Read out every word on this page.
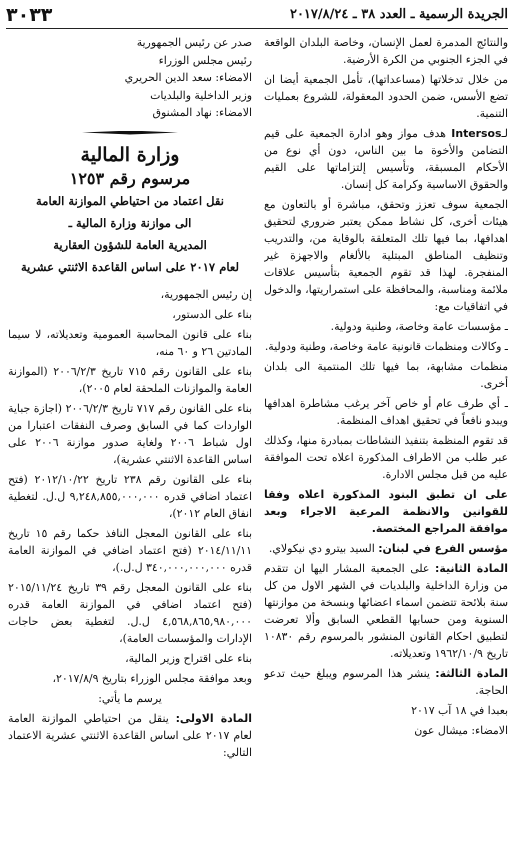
الجريدة الرسمية ـ العدد ٣٨ ـ ٢٠١٧/٨/٢٤
٣٠٣٣

والنتائج المدمرة لعمل الإنسان، وخاصة البلدان الواقعة في الجزء الجنوبي من الكرة الأرضية.

من خلال تدخلاتها (مساعداتها)، تأمل الجمعية أيضا ان تضع الأسس، ضمن الحدود المعقولة، للشروع بعمليات التنمية.

لـIntersos هدف مواز وهو ادارة الجمعية على قيم التضامن والأخوة ما بين الناس، دون أي نوع من الأحكام المسبقة، وتأسيس إلتزاماتها على القيم والحقوق الاساسية وكرامة كل إنسان.

الجمعية سوف تعزز وتحقق، مباشرة أو بالتعاون مع هيئات أخرى، كل نشاط ممكن يعتبر ضروري لتحقيق اهدافها، بما فيها تلك المتعلقة بالوقاية من، والتدريب وتنظيف المناطق المبتلية بالألغام والاجهزة غير المنفجرة. لهذا قد تقوم الجمعية بتأسيس علاقات ملائمة ومناسبة، والمحافظة على استمراريتها، والدخول في اتفاقيات مع:

ـ مؤسسات عامة وخاصة، وطنية ودولية.

ـ وكالات ومنظمات قانونية عامة وخاصة، وطنية ودولية.

منظمات مشابهة، بما فيها تلك المنتمية الى بلدان أخرى.

ـ أي طرف عام أو خاص آخر يرغب مشاطرة اهدافها ويبدو نافعاً في تحقيق اهداف المنظمة.

قد تقوم المنظمة بتنفيذ النشاطات بمبادرة منها، وكذلك عبر طلب من الاطراف المذكورة اعلاه تحت الموافقة عليه من قبل مجلس الادارة.

على ان تطبق البنود المذكورة اعلاه وفقا للقوانين والانظمة المرعية الاجراء وبعد موافقة المراجع المختصة.

مؤسس الفرع في لبنان: السيد بيترو دي نيكولاي.

المادة الثانية: على الجمعية المشار اليها ان تتقدم من وزارة الداخلية والبلديات في الشهر الاول من كل سنة بلائحة تتضمن اسماء اعضائها وبنسخة من موازنتها السنوية ومن حسابها القطعي السابق وألا تعرضت لتطبيق احكام القانون المنشور بالمرسوم رقم ١٠٨٣٠ تاريخ ١٩٦٢/١٠/٩ وتعديلاته.

المادة الثالثة: ينشر هذا المرسوم ويبلغ حيث تدعو الحاجة.

بعبدا في ١٨ آب ٢٠١٧

الامضاء: ميشال عون

صدر عن رئيس الجمهورية

رئيس مجلس الوزراء

الامضاء: سعد الدين الحريري

وزير الداخلية والبلديات

الامضاء: نهاد المشنوق

وزارة المالية

مرسوم رقم ١٢٥٣

نقل اعتماد من احتياطي الموازنة العامة

الى موازنة وزارة المالية ـ

المديرية العامة للشؤون العقارية

لعام ٢٠١٧ على اساس القاعدة الاثنتي عشرية

إن رئيس الجمهورية،

بناء على الدستور،

بناء على قانون المحاسبة العمومية وتعديلاته، لا سيما المادتين ٢٦ و ٦٠ منه،

بناء على القانون رقم ٧١٥ تاريخ ٢٠٠٦/٢/٣ (الموازنة العامة والموازنات الملحقة لعام ٢٠٠٥)،

بناء على القانون رقم ٧١٧ تاريخ ٢٠٠٦/٢/٣ (اجازة جباية الواردات كما في السابق وصرف النفقات اعتبارا من اول شباط ٢٠٠٦ ولغاية صدور موازنة ٢٠٠٦ على اساس القاعدة الاثنتي عشرية)،

بناء على القانون رقم ٢٣٨ تاريخ ٢٠١٢/١٠/٢٢ (فتح اعتماد اضافي قدره ٩,٢٤٨,٨٥٥,٠٠٠,٠٠٠ ل.ل. لتغطية انفاق العام ٢٠١٢)،

بناء على القانون المعجل النافذ حكما رقم ١٥ تاريخ ٢٠١٤/١١/١١ (فتح اعتماد اضافي في الموازنة العامة قدره ٣٤٠,٠٠٠,٠٠٠,٠٠٠ ل.ل.)،

بناء على القانون المعجل رقم ٣٩ تاريخ ٢٠١٥/١١/٢٤ (فتح اعتماد اضافي في الموازنة العامة قدره ٤,٥٦٨,٨٦٥,٩٨٠,٠٠٠ ل.ل. لتغطية بعض حاجات الإدارات والمؤسسات العامة)،

بناء على اقتراح وزير المالية،

وبعد موافقة مجلس الوزراء بتاريخ ٢٠١٧/٨/٩،

يرسم ما يأتي:

المادة الاولى: ينقل من احتياطي الموازنة العامة لعام ٢٠١٧ على اساس القاعدة الاثنتي عشرية الاعتماد التالي:
